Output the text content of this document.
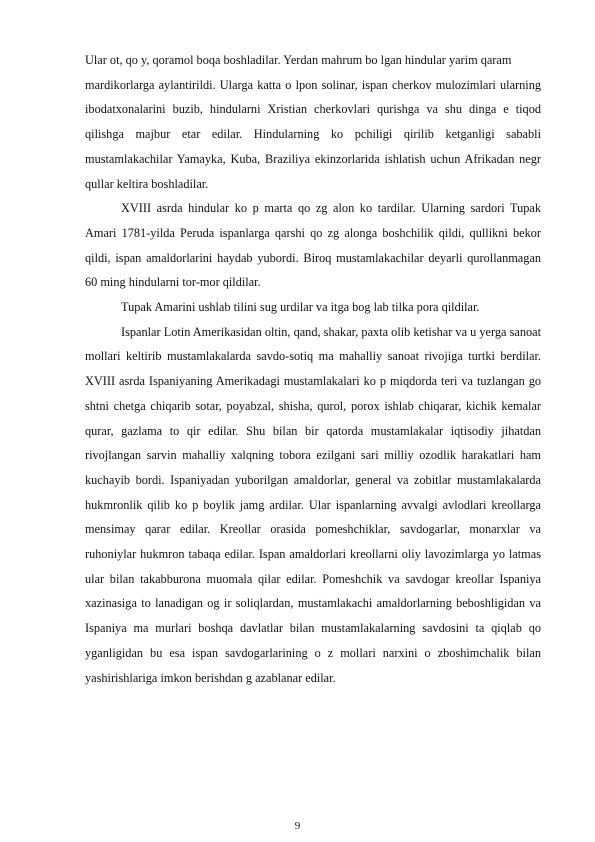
Ular ot, qo y, qoramol boqa boshladilar. Yerdan mahrum bo lgan hindular yarim qaram

mardikorlarga aylantirildi. Ularga katta o lpon solinar, ispan cherkov mulozimlari ularning ibodatxonalarini buzib, hindularni Xristian cherkovlari qurishga va shu dinga e tiqod qilishga majbur etar edilar. Hindularning ko pchiligi qirilib ketganligi sababli mustamlakachilar Yamayka, Kuba, Braziliya ekinzorlarida ishlatish uchun Afrikadan negr qullar keltira boshladilar.

XVIII asrda hindular ko p marta qo zg alon ko tardilar. Ularning sardori Tupak Amari 1781-yilda Peruda ispanlarga qarshi qo zg alonga boshchilik qildi, qullikni bekor qildi, ispan amaldorlarini haydab yubordi. Biroq mustamlakachilar deyarli qurollanmagan 60 ming hindularni tor-mor qildilar.

Tupak Amarini ushlab tilini sug urdilar va itga bog lab tilka pora qildilar.

Ispanlar Lotin Amerikasidan oltin, qand, shakar, paxta olib ketishar va u yerga sanoat mollari keltirib mustamlakalarda savdo-sotiq ma mahalliy sanoat rivojiga turtki berdilar. XVIII asrda Ispaniyaning Amerikadagi mustamlakalari ko p miqdorda teri va tuzlangan go shtni chetga chiqarib sotar, poyabzal, shisha, qurol, porox ishlab chiqarar, kichik kemalar qurar, gazlama to qir edilar. Shu bilan bir qatorda mustamlakalar iqtisodiy jihatdan rivojlangan sarvin mahalliy xalqning tobora ezilgani sari milliy ozodlik harakatlari ham kuchayib bordi. Ispaniyadan yuborilgan amaldorlar, general va zobitlar mustamlakalarda hukmronlik qilib ko p boylik jamg ardilar. Ular ispanlarning avvalgi avlodlari kreollarga mensimay qarar edilar. Kreollar orasida pomeshchiklar, savdogarlar, monarxlar va ruhoniylar hukmron tabaqa edilar. Ispan amaldorlari kreollarni oliy lavozimlarga yo latmas ular bilan takabburona muomala qilar edilar. Pomeshchik va savdogar kreollar Ispaniya xazinasiga to lanadigan og ir soliqlardan, mustamlakachi amaldorlarning beboshligidan va Ispaniya ma murlari boshqa davlatlar bilan mustamlakalarning savdosini ta qiqlab qo yganligidan bu esa ispan savdogarlarining o z mollari narxini o zboshimchalik bilan yashirishlariga imkon berishdan g azablanar edilar.

9
